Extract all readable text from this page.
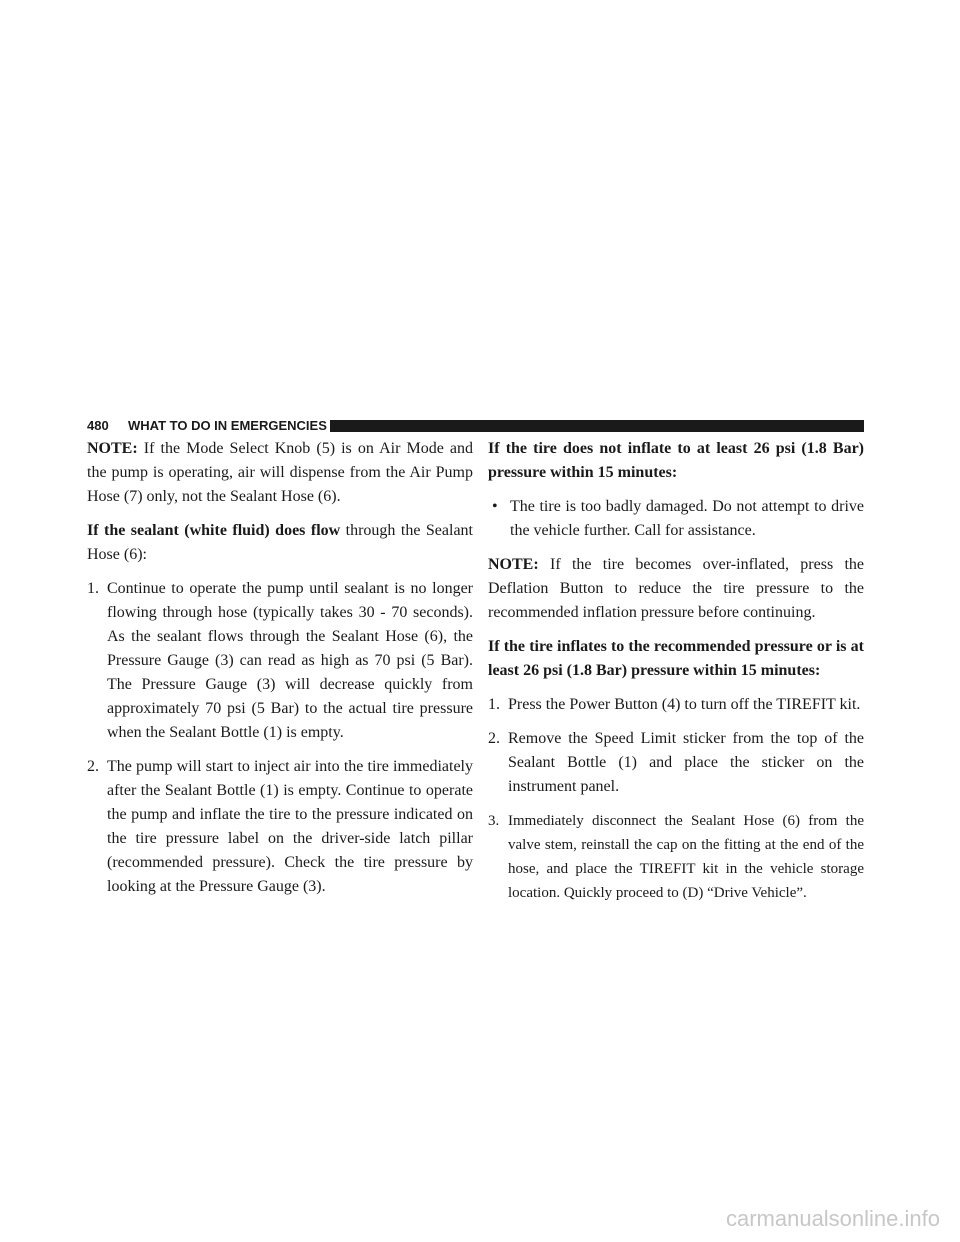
480 WHAT TO DO IN EMERGENCIES

NOTE: If the Mode Select Knob (5) is on Air Mode and the pump is operating, air will dispense from the Air Pump Hose (7) only, not the Sealant Hose (6).

If the sealant (white fluid) does flow through the Sealant Hose (6):

1. Continue to operate the pump until sealant is no longer flowing through hose (typically takes 30 - 70 seconds). As the sealant flows through the Sealant Hose (6), the Pressure Gauge (3) can read as high as 70 psi (5 Bar). The Pressure Gauge (3) will decrease quickly from approximately 70 psi (5 Bar) to the actual tire pressure when the Sealant Bottle (1) is empty.
2. The pump will start to inject air into the tire immediately after the Sealant Bottle (1) is empty. Continue to operate the pump and inflate the tire to the pressure indicated on the tire pressure label on the driver-side latch pillar (recommended pressure). Check the tire pressure by looking at the Pressure Gauge (3).

If the tire does not inflate to at least 26 psi (1.8 Bar) pressure within 15 minutes:

• The tire is too badly damaged. Do not attempt to drive the vehicle further. Call for assistance.

NOTE: If the tire becomes over-inflated, press the Deflation Button to reduce the tire pressure to the recommended inflation pressure before continuing.

If the tire inflates to the recommended pressure or is at least 26 psi (1.8 Bar) pressure within 15 minutes:

1. Press the Power Button (4) to turn off the TIREFIT kit.
2. Remove the Speed Limit sticker from the top of the Sealant Bottle (1) and place the sticker on the instrument panel.
3. Immediately disconnect the Sealant Hose (6) from the valve stem, reinstall the cap on the fitting at the end of the hose, and place the TIREFIT kit in the vehicle storage location. Quickly proceed to (D) “Drive Vehicle”.
carmanualsonline.info
